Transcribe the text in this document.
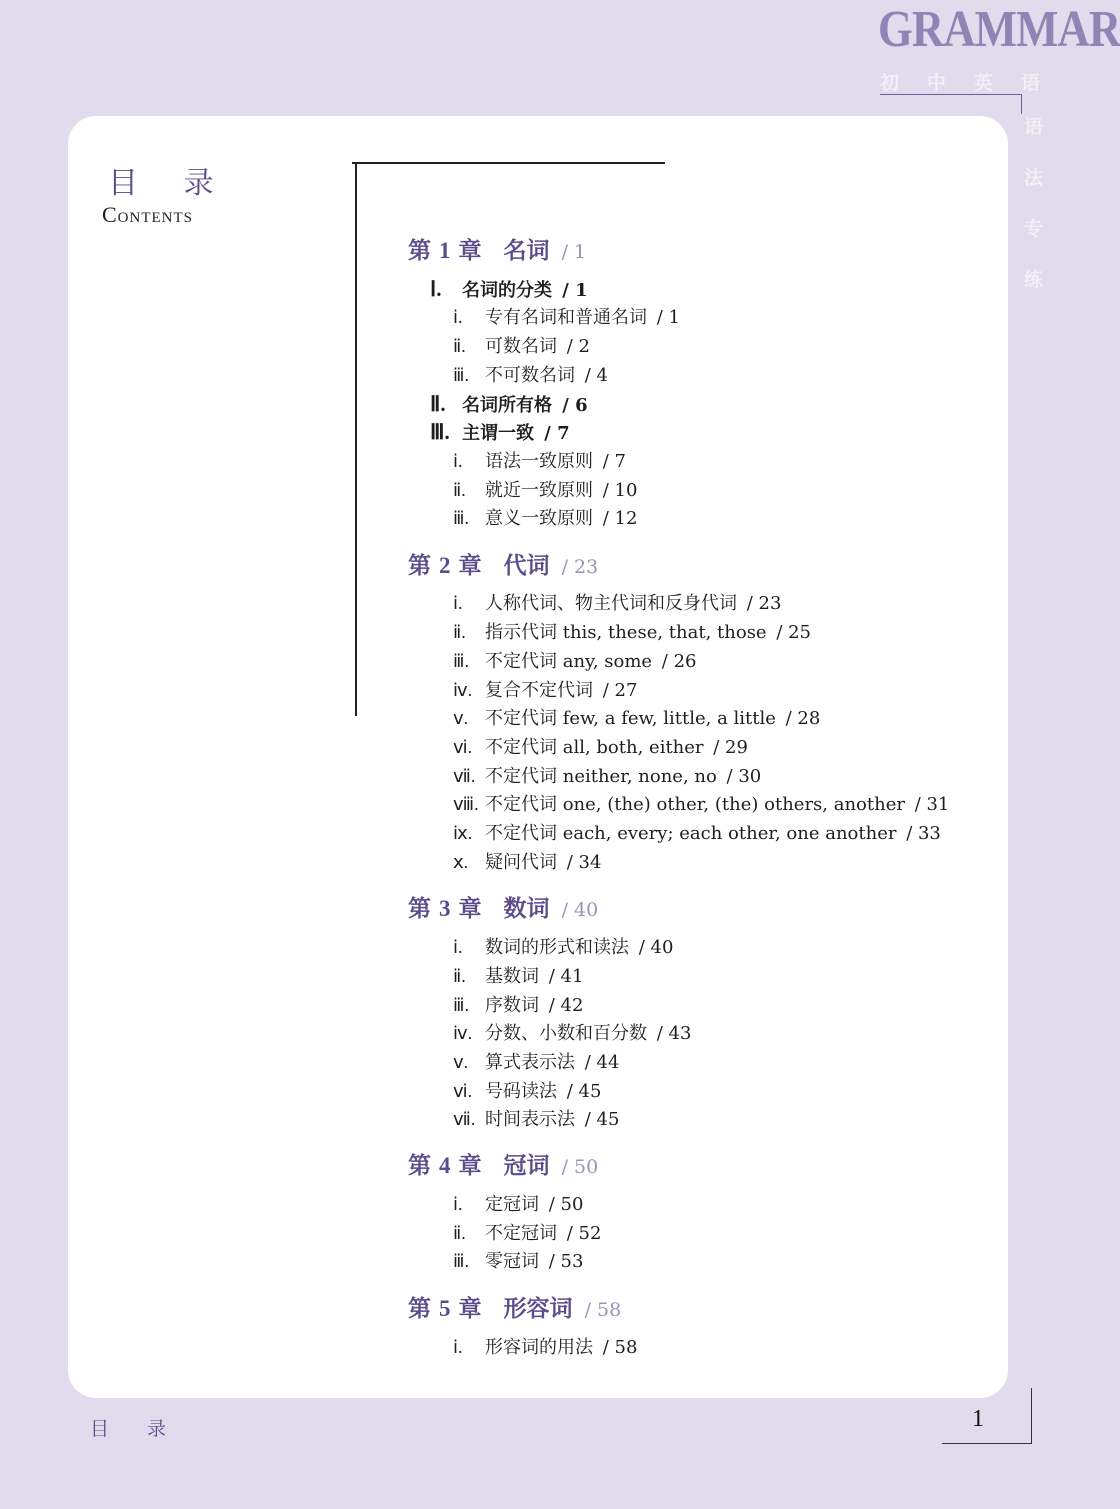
GRAMMAR
初 中 英 语
语
法
专
练
目 录
Contents
第 1 章 名词 / 1
Ⅰ. 名词的分类 / 1
ⅰ. 专有名词和普通名词 / 1
ⅱ. 可数名词 / 2
ⅲ. 不可数名词 / 4
Ⅱ. 名词所有格 / 6
Ⅲ. 主谓一致 / 7
ⅰ. 语法一致原则 / 7
ⅱ. 就近一致原则 / 10
ⅲ. 意义一致原则 / 12
第 2 章 代词 / 23
ⅰ. 人称代词、物主代词和反身代词 / 23
ⅱ. 指示代词 this, these, that, those / 25
ⅲ. 不定代词 any, some / 26
ⅳ. 复合不定代词 / 27
ⅴ. 不定代词 few, a few, little, a little / 28
ⅵ. 不定代词 all, both, either / 29
ⅶ. 不定代词 neither, none, no / 30
ⅷ. 不定代词 one, (the) other, (the) others, another / 31
ⅸ. 不定代词 each, every; each other, one another / 33
ⅹ. 疑问代词 / 34
第 3 章 数词 / 40
ⅰ. 数词的形式和读法 / 40
ⅱ. 基数词 / 41
ⅲ. 序数词 / 42
ⅳ. 分数、小数和百分数 / 43
ⅴ. 算式表示法 / 44
ⅵ. 号码读法 / 45
ⅶ. 时间表示法 / 45
第 4 章 冠词 / 50
ⅰ. 定冠词 / 50
ⅱ. 不定冠词 / 52
ⅲ. 零冠词 / 53
第 5 章 形容词 / 58
ⅰ. 形容词的用法 / 58
目 录	1
